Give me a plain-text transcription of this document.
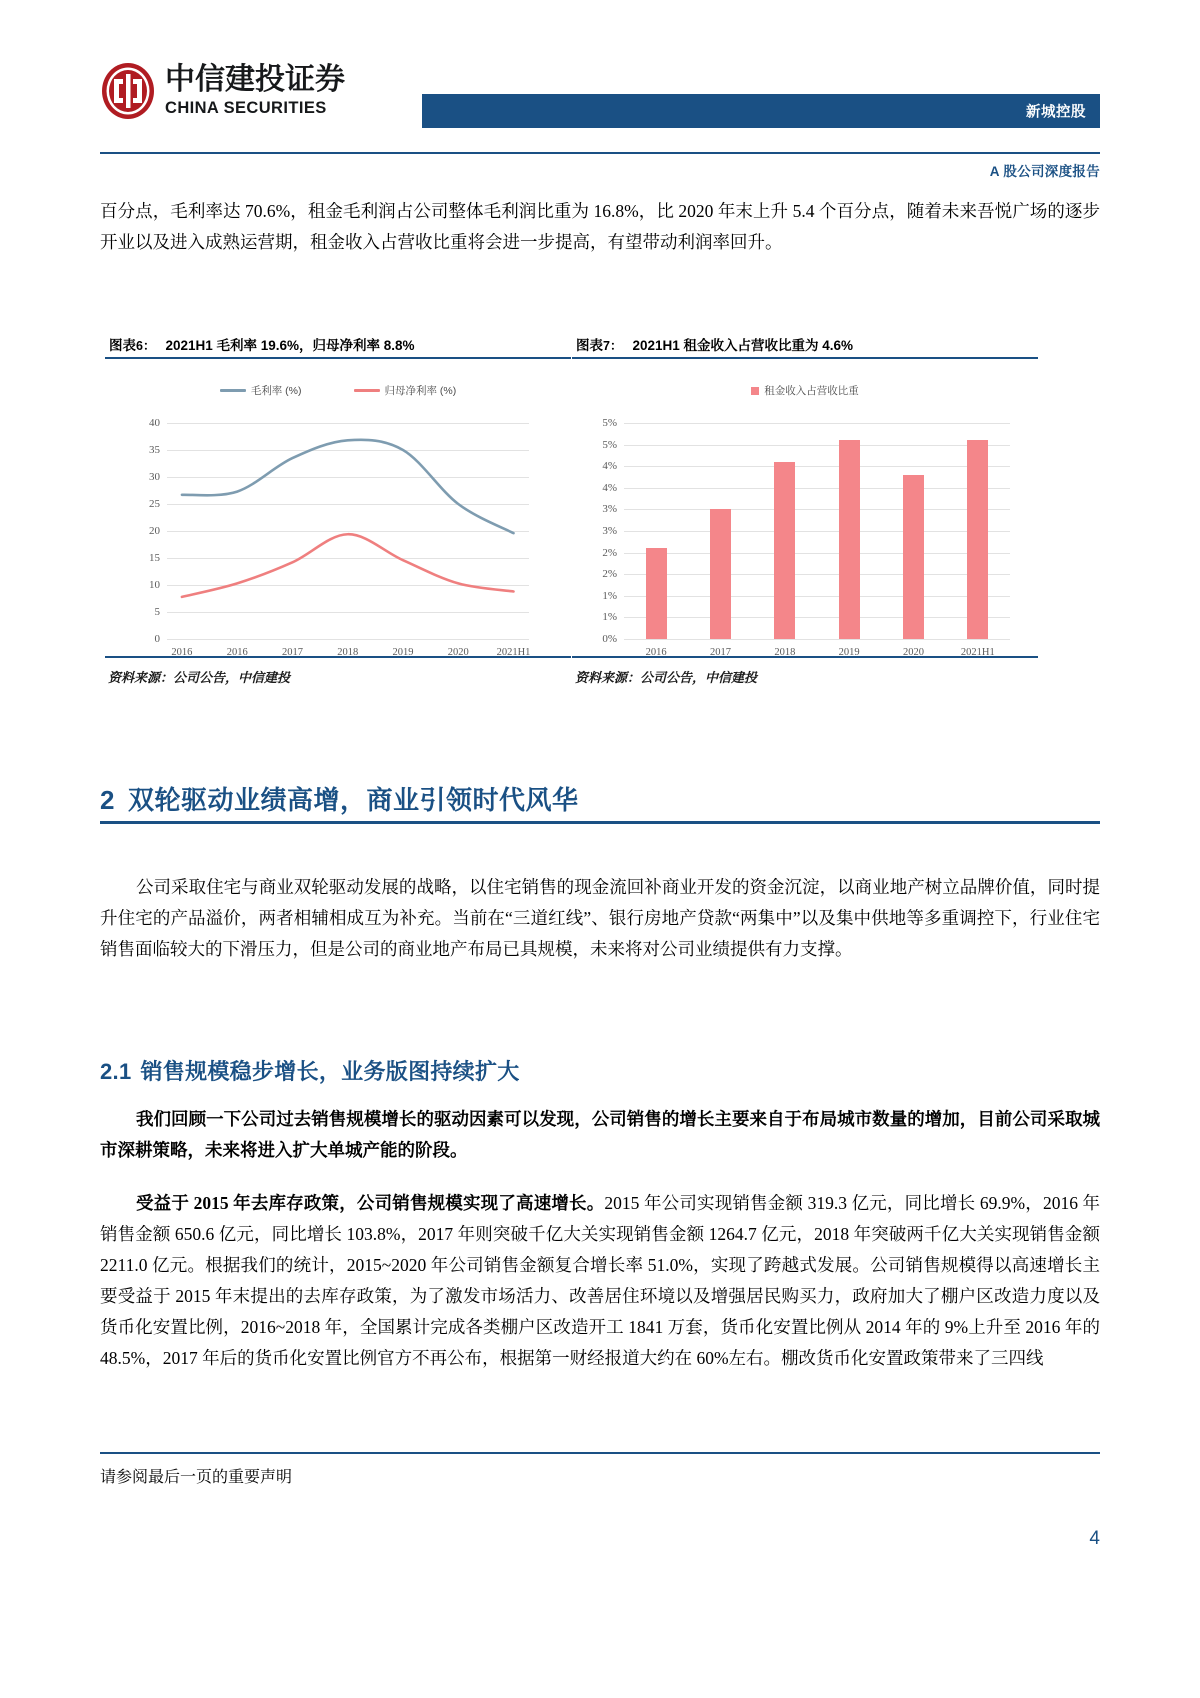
中信建投证券
CHINA SECURITIES	新城控股
A 股公司深度报告
百分点，毛利率达 70.6%，租金毛利润占公司整体毛利润比重为 16.8%，比 2020 年末上升 5.4 个百分点，随着未来吾悦广场的逐步开业以及进入成熟运营期，租金收入占营收比重将会进一步提高，有望带动利润率回升。
图表6： 2021H1 毛利率 19.6%，归母净利率 8.8%
毛利率 (%)	归母净利率 (%)
0
5
10
15
20
25
30
35
40
2016	2016	2017	2018	2019	2020	2021H1
资料来源：公司公告，中信建投
图表7： 2021H1 租金收入占营收比重为 4.6%
租金收入占营收比重
0%
1%
1%
2%
2%
3%
3%
4%
4%
5%
5%
2016	2017	2018	2019	2020	2021H1
资料来源：公司公告，中信建投
2 双轮驱动业绩高增，商业引领时代风华
公司采取住宅与商业双轮驱动发展的战略，以住宅销售的现金流回补商业开发的资金沉淀，以商业地产树立品牌价值，同时提升住宅的产品溢价，两者相辅相成互为补充。当前在“三道红线”、银行房地产贷款“两集中”以及集中供地等多重调控下，行业住宅销售面临较大的下滑压力，但是公司的商业地产布局已具规模，未来将对公司业绩提供有力支撑。
2.1 销售规模稳步增长，业务版图持续扩大
我们回顾一下公司过去销售规模增长的驱动因素可以发现，公司销售的增长主要来自于布局城市数量的增加，目前公司采取城市深耕策略，未来将进入扩大单城产能的阶段。
受益于 2015 年去库存政策，公司销售规模实现了高速增长。2015 年公司实现销售金额 319.3 亿元，同比增长 69.9%，2016 年销售金额 650.6 亿元，同比增长 103.8%，2017 年则突破千亿大关实现销售金额 1264.7 亿元，2018 年突破两千亿大关实现销售金额 2211.0 亿元。根据我们的统计，2015~2020 年公司销售金额复合增长率 51.0%，实现了跨越式发展。公司销售规模得以高速增长主要受益于 2015 年末提出的去库存政策，为了激发市场活力、改善居住环境以及增强居民购买力，政府加大了棚户区改造力度以及货币化安置比例，2016~2018 年，全国累计完成各类棚户区改造开工 1841 万套，货币化安置比例从 2014 年的 9%上升至 2016 年的 48.5%，2017 年后的货币化安置比例官方不再公布，根据第一财经报道大约在 60%左右。棚改货币化安置政策带来了三四线
请参阅最后一页的重要声明
4
